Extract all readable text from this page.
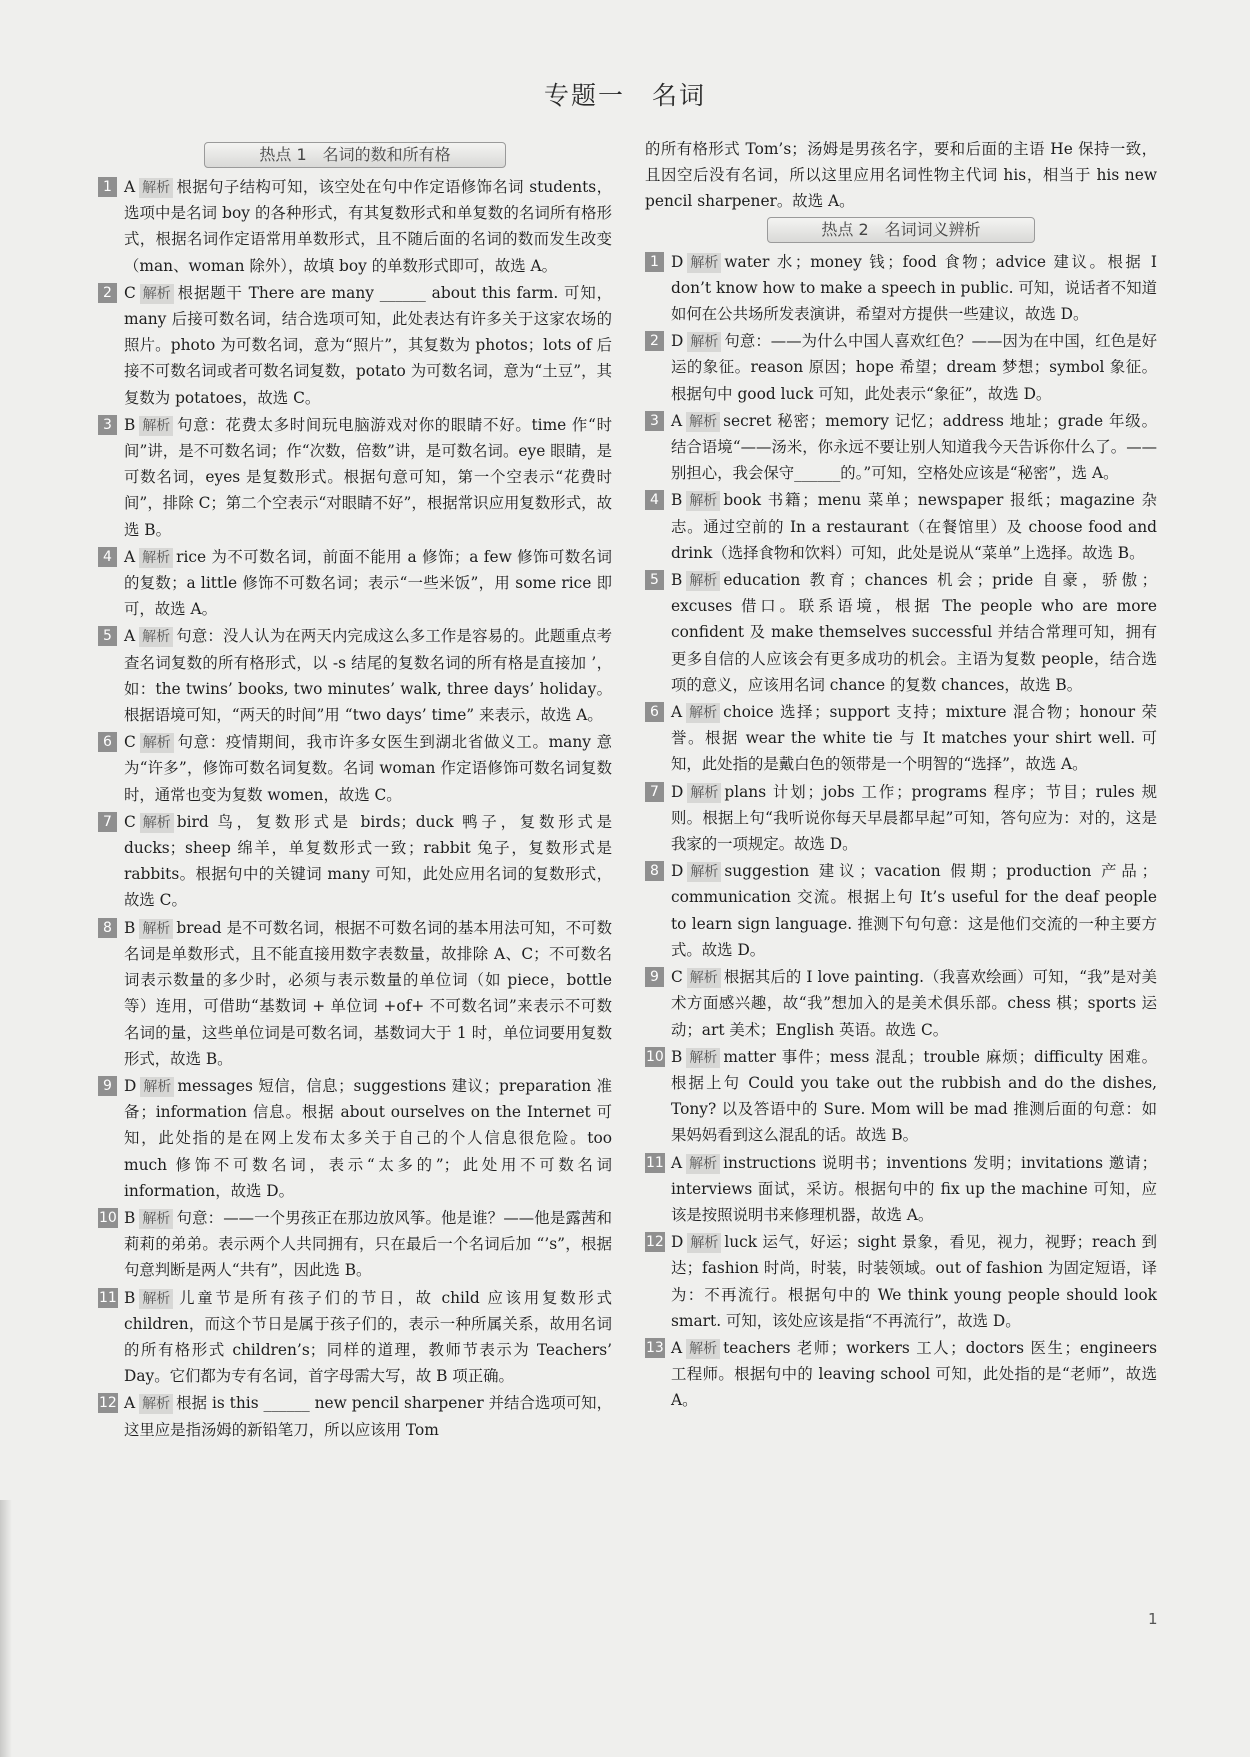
专题一　名词
热点 1　名词的数和所有格
1 A 解析 根据句子结构可知，该空处在句中作定语修饰名词 students，选项中是名词 boy 的各种形式，有其复数形式和单复数的名词所有格形式，根据名词作定语常用单数形式，且不随后面的名词的数而发生改变（man、woman 除外），故填 boy 的单数形式即可，故选 A。
2 C 解析 根据题干 There are many ______ about this farm. 可知，many 后接可数名词，结合选项可知，此处表达有许多关于这家农场的照片。photo 为可数名词，意为“照片”，其复数为 photos；lots of 后接不可数名词或者可数名词复数，potato 为可数名词，意为“土豆”，其复数为 potatoes，故选 C。
3 B 解析 句意：花费太多时间玩电脑游戏对你的眼睛不好。time 作“时间”讲，是不可数名词；作“次数，倍数”讲，是可数名词。eye 眼睛，是可数名词，eyes 是复数形式。根据句意可知，第一个空表示“花费时间”，排除 C；第二个空表示“对眼睛不好”，根据常识应用复数形式，故选 B。
4 A 解析 rice 为不可数名词，前面不能用 a 修饰；a few 修饰可数名词的复数；a little 修饰不可数名词；表示“一些米饭”，用 some rice 即可，故选 A。
5 A 解析 句意：没人认为在两天内完成这么多工作是容易的。此题重点考查名词复数的所有格形式，以 -s 结尾的复数名词的所有格是直接加 ’，如：the twins’ books, two minutes’ walk, three days’ holiday。根据语境可知，“两天的时间”用 “two days’ time” 来表示，故选 A。
6 C 解析 句意：疫情期间，我市许多女医生到湖北省做义工。many 意为“许多”，修饰可数名词复数。名词 woman 作定语修饰可数名词复数时，通常也变为复数 women，故选 C。
7 C 解析 bird 鸟，复数形式是 birds；duck 鸭子，复数形式是 ducks；sheep 绵羊，单复数形式一致；rabbit 兔子，复数形式是 rabbits。根据句中的关键词 many 可知，此处应用名词的复数形式，故选 C。
8 B 解析 bread 是不可数名词，根据不可数名词的基本用法可知，不可数名词是单数形式，且不能直接用数字表数量，故排除 A、C；不可数名词表示数量的多少时，必须与表示数量的单位词（如 piece，bottle 等）连用，可借助“基数词 + 单位词 +of+ 不可数名词”来表示不可数名词的量，这些单位词是可数名词，基数词大于 1 时，单位词要用复数形式，故选 B。
9 D 解析 messages 短信，信息；suggestions 建议；preparation 准备；information 信息。根据 about ourselves on the Internet 可知，此处指的是在网上发布太多关于自己的个人信息很危险。too much 修饰不可数名词，表示“太多的”；此处用不可数名词 information，故选 D。
10 B 解析 句意：——一个男孩正在那边放风筝。他是谁？——他是露茜和莉莉的弟弟。表示两个人共同拥有，只在最后一个名词后加 “’s”，根据句意判断是两人“共有”，因此选 B。
11 B 解析 儿童节是所有孩子们的节日，故 child 应该用复数形式 children，而这个节日是属于孩子们的，表示一种所属关系，故用名词的所有格形式 children’s；同样的道理，教师节表示为 Teachers’ Day。它们都为专有名词，首字母需大写，故 B 项正确。
12 A 解析 根据 is this ______ new pencil sharpener 并结合选项可知，这里应是指汤姆的新铅笔刀，所以应该用 Tom
的所有格形式 Tom’s；汤姆是男孩名字，要和后面的主语 He 保持一致，且因空后没有名词，所以这里应用名词性物主代词 his，相当于 his new pencil sharpener。故选 A。
热点 2　名词词义辨析
1 D 解析 water 水；money 钱；food 食物；advice 建议。根据 I don’t know how to make a speech in public. 可知，说话者不知道如何在公共场所发表演讲，希望对方提供一些建议，故选 D。
2 D 解析 句意：——为什么中国人喜欢红色？——因为在中国，红色是好运的象征。reason 原因；hope 希望；dream 梦想；symbol 象征。根据句中 good luck 可知，此处表示“象征”，故选 D。
3 A 解析 secret 秘密；memory 记忆；address 地址；grade 年级。结合语境“——汤米，你永远不要让别人知道我今天告诉你什么了。——别担心，我会保守______的。”可知，空格处应该是“秘密”，选 A。
4 B 解析 book 书籍；menu 菜单；newspaper 报纸；magazine 杂志。通过空前的 In a restaurant（在餐馆里）及 choose food and drink（选择食物和饮料）可知，此处是说从“菜单”上选择。故选 B。
5 B 解析 education 教育；chances 机会；pride 自豪，骄傲；excuses 借口。联系语境，根据 The people who are more confident 及 make themselves successful 并结合常理可知，拥有更多自信的人应该会有更多成功的机会。主语为复数 people，结合选项的意义，应该用名词 chance 的复数 chances，故选 B。
6 A 解析 choice 选择；support 支持；mixture 混合物；honour 荣誉。根据 wear the white tie 与 It matches your shirt well. 可知，此处指的是戴白色的领带是一个明智的“选择”，故选 A。
7 D 解析 plans 计划；jobs 工作；programs 程序；节目；rules 规则。根据上句“我听说你每天早晨都早起”可知，答句应为：对的，这是我家的一项规定。故选 D。
8 D 解析 suggestion 建议；vacation 假期；production 产品；communication 交流。根据上句 It’s useful for the deaf people to learn sign language. 推测下句句意：这是他们交流的一种主要方式。故选 D。
9 C 解析 根据其后的 I love painting.（我喜欢绘画）可知，“我”是对美术方面感兴趣，故“我”想加入的是美术俱乐部。chess 棋；sports 运动；art 美术；English 英语。故选 C。
10 B 解析 matter 事件；mess 混乱；trouble 麻烦；difficulty 困难。根据上句 Could you take out the rubbish and do the dishes, Tony? 以及答语中的 Sure. Mom will be mad 推测后面的句意：如果妈妈看到这么混乱的话。故选 B。
11 A 解析 instructions 说明书；inventions 发明；invitations 邀请；interviews 面试，采访。根据句中的 fix up the machine 可知，应该是按照说明书来修理机器，故选 A。
12 D 解析 luck 运气，好运；sight 景象，看见，视力，视野；reach 到达；fashion 时尚，时装，时装领域。out of fashion 为固定短语，译为：不再流行。根据句中的 We think young people should look smart. 可知，该处应该是指“不再流行”，故选 D。
13 A 解析 teachers 老师；workers 工人；doctors 医生；engineers 工程师。根据句中的 leaving school 可知，此处指的是“老师”，故选 A。
1
